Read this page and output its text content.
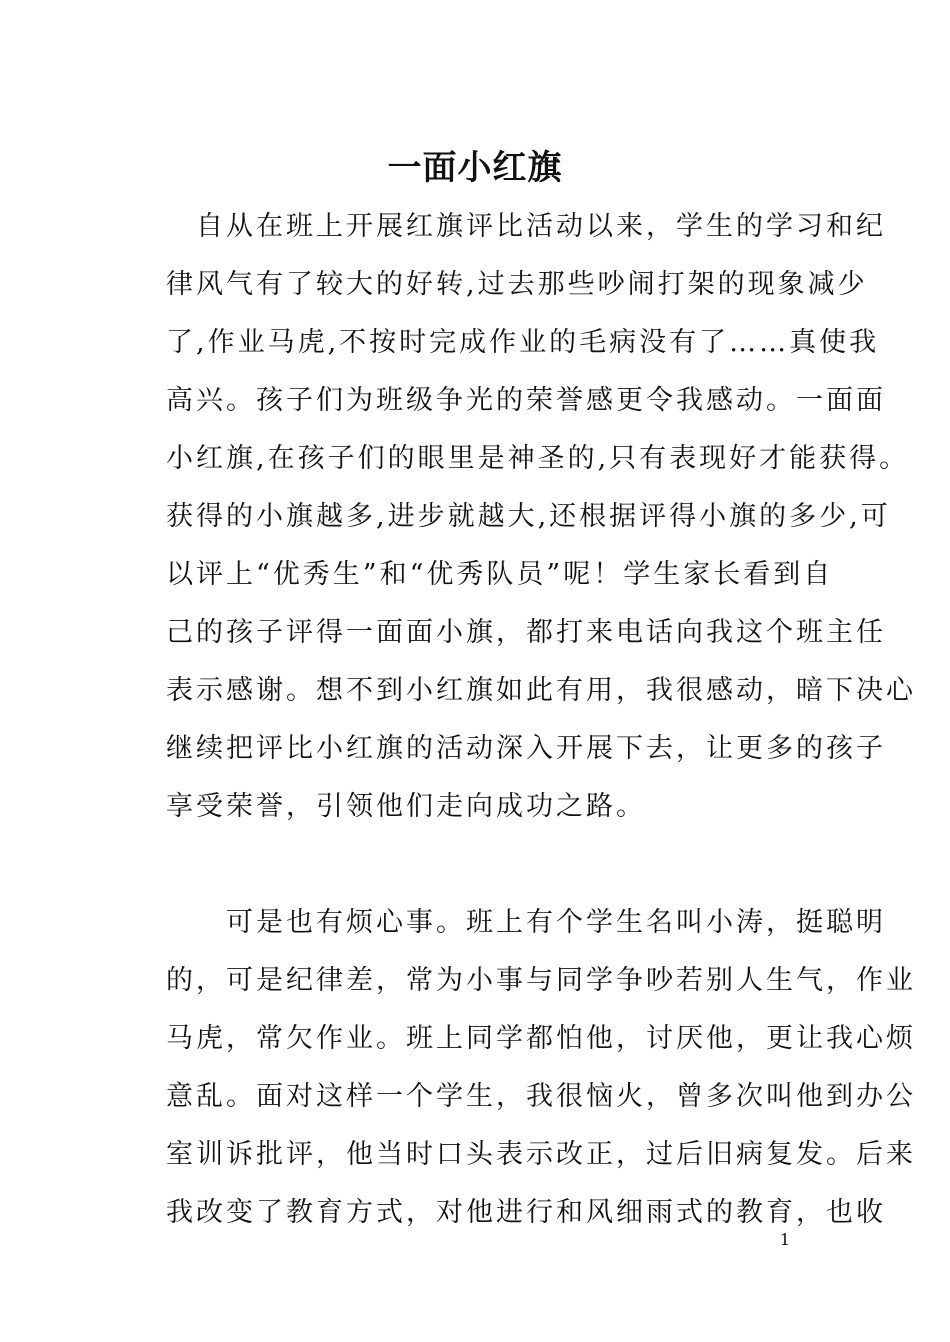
一面小红旗
　自从在班上开展红旗评比活动以来，学生的学习和纪
律风气有了较大的好转,过去那些吵闹打架的现象减少
了,作业马虎,不按时完成作业的毛病没有了……真使我
高兴。孩子们为班级争光的荣誉感更令我感动。一面面
小红旗,在孩子们的眼里是神圣的,只有表现好才能获得。
获得的小旗越多,进步就越大,还根据评得小旗的多少,可
以评上“优秀生”和“优秀队员”呢！学生家长看到自
己的孩子评得一面面小旗，都打来电话向我这个班主任
表示感谢。想不到小红旗如此有用，我很感动，暗下决心
继续把评比小红旗的活动深入开展下去，让更多的孩子
享受荣誉，引领他们走向成功之路。
　　可是也有烦心事。班上有个学生名叫小涛，挺聪明
的，可是纪律差，常为小事与同学争吵若别人生气，作业
马虎，常欠作业。班上同学都怕他，讨厌他，更让我心烦
意乱。面对这样一个学生，我很恼火，曾多次叫他到办公
室训诉批评，他当时口头表示改正，过后旧病复发。后来
我改变了教育方式，对他进行和风细雨式的教育，也收
1
